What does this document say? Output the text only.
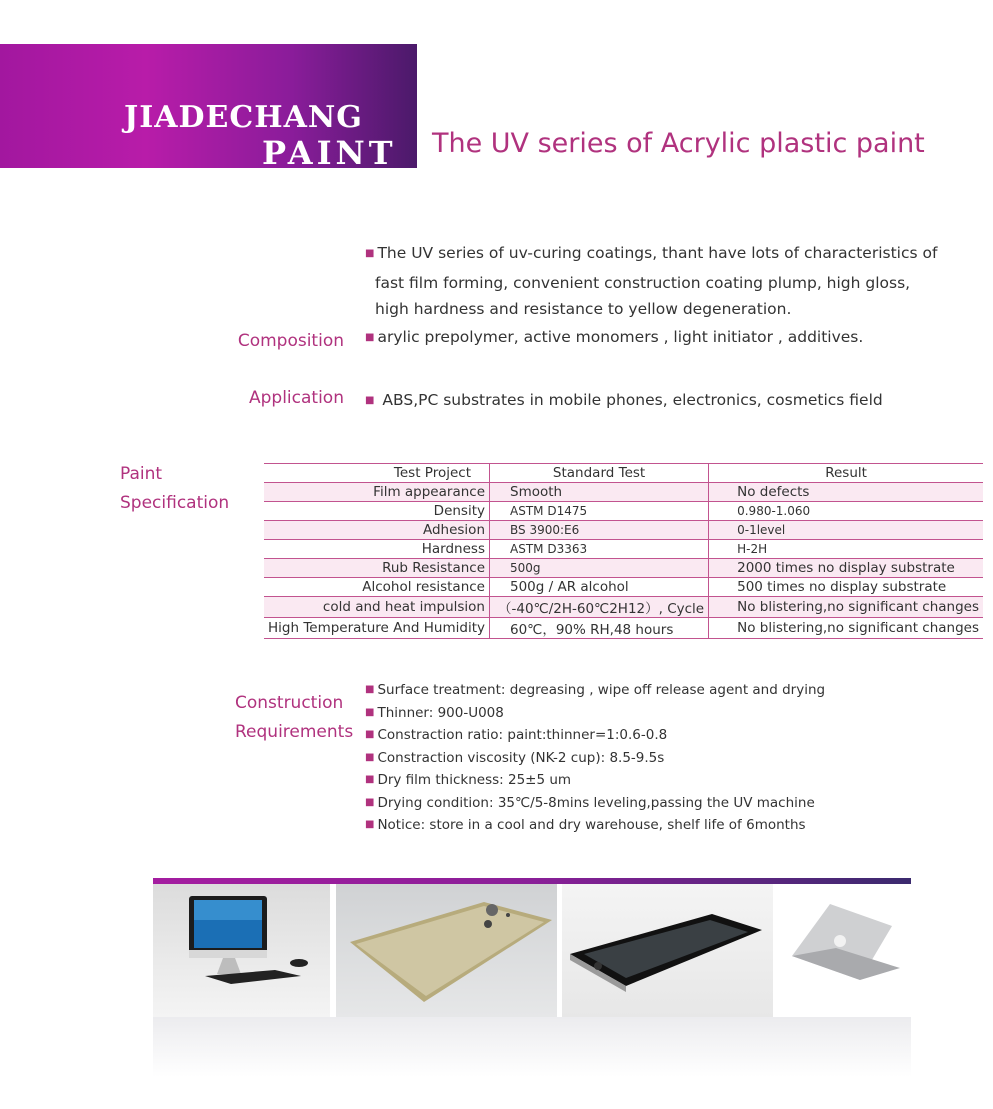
JIADECHANG
PAINT The UV series of Acrylic plastic paint
■ The UV series of uv-curing coatings, thant have lots of characteristics of
fast film forming, convenient construction coating plump, high gloss,
high hardness and resistance to yellow degeneration.
Composition ■ arylic prepolymer, active monomers , light initiator , additives.
Application ■ ABS,PC substrates in mobile phones, electronics, cosmetics field
Paint
Specification
Test Project	Standard Test	Result
Film appearance	Smooth	No defects
Density	ASTM D1475	0.980-1.060
Adhesion	BS 3900:E6	0-1level
Hardness	ASTM D3363	H-2H
Rub Resistance	500g	2000 times no display substrate
Alcohol resistance	500g / AR alcohol	500 times no display substrate
cold and heat impulsion	（-40℃/2H-60℃2H12）, Cycle	No blistering,no significant changes
High Temperature And Humidity	60℃，90% RH,48 hours	No blistering,no significant changes
Construction
Requirements
■ Surface treatment: degreasing , wipe off release agent and drying
■ Thinner: 900-U008
■ Constraction ratio: paint:thinner=1:0.6-0.8
■ Constraction viscosity (NK-2 cup): 8.5-9.5s
■ Dry film thickness: 25±5 um
■ Drying condition: 35℃/5-8mins leveling,passing the UV machine
■ Notice: store in a cool and dry warehouse, shelf life of 6months
